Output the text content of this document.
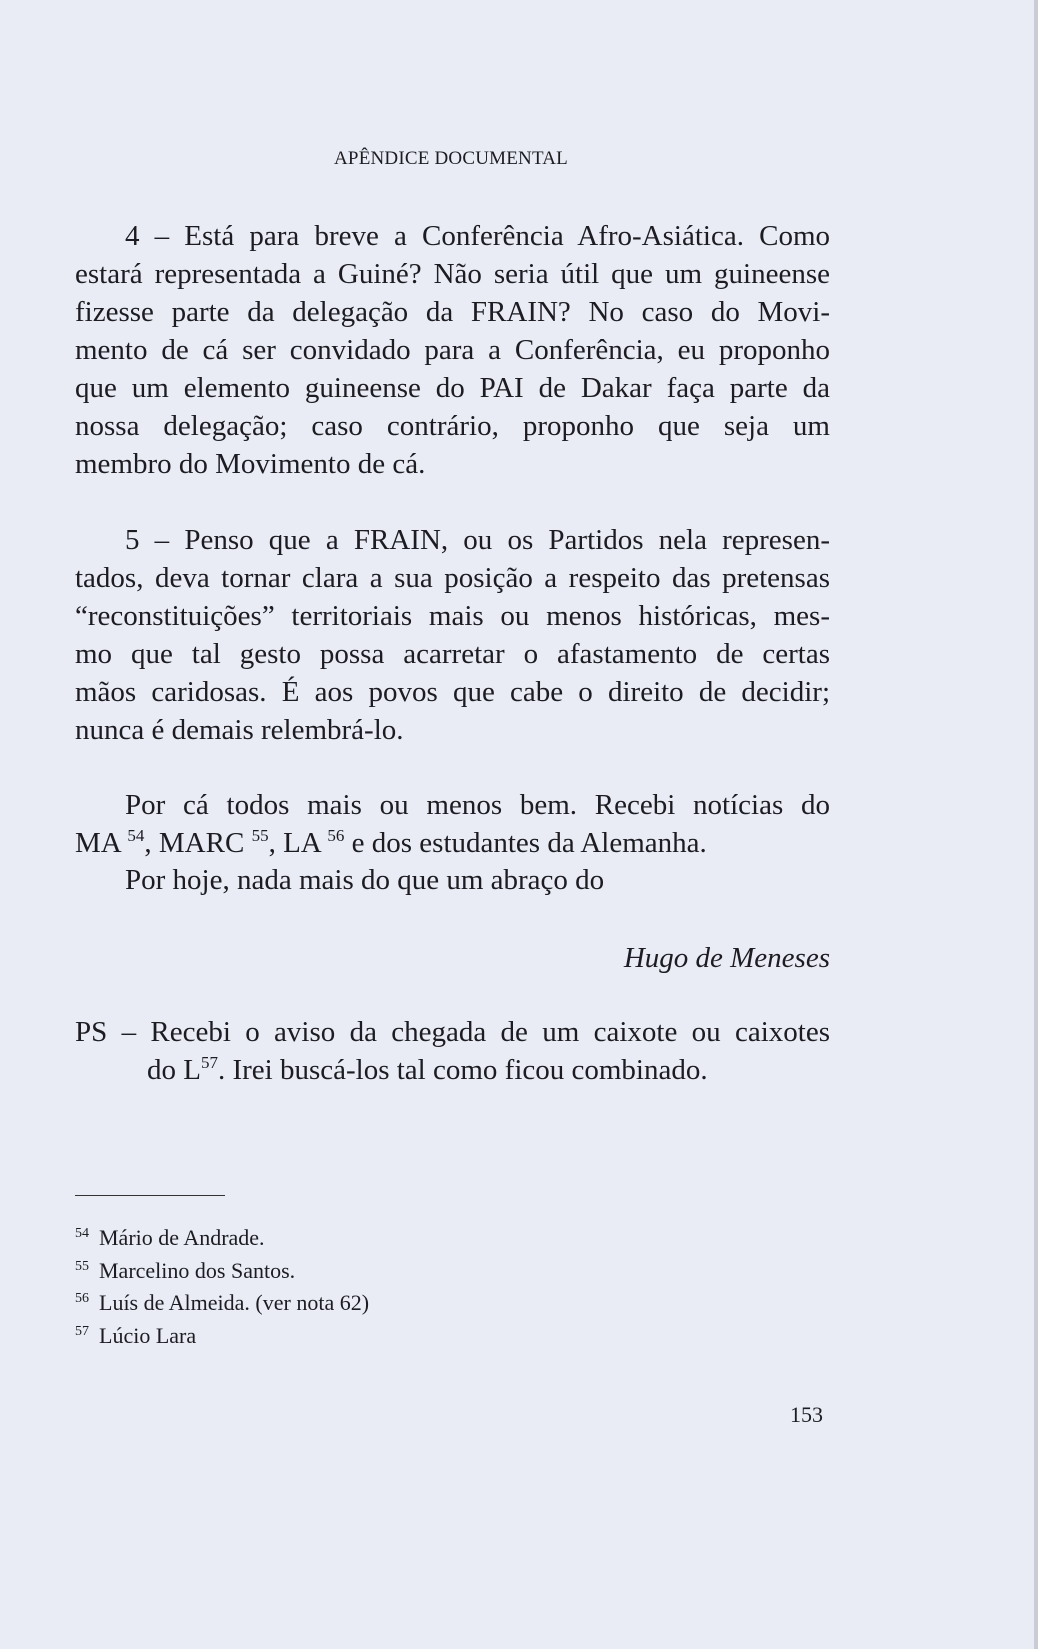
APÊNDICE DOCUMENTAL
4 – Está para breve a Conferência Afro-Asiática. Como
estará representada a Guiné? Não seria útil que um guineense
fizesse parte da delegação da FRAIN? No caso do Movi-
mento de cá ser convidado para a Conferência, eu proponho
que um elemento guineense do PAI de Dakar faça parte da
nossa delegação; caso contrário, proponho que seja um
membro do Movimento de cá.
5 – Penso que a FRAIN, ou os Partidos nela represen-
tados, deva tornar clara a sua posição a respeito das pretensas
“reconstituições” territoriais mais ou menos históricas, mes-
mo que tal gesto possa acarretar o afastamento de certas
mãos caridosas. É aos povos que cabe o direito de decidir;
nunca é demais relembrá-lo.
Por cá todos mais ou menos bem. Recebi notícias do
MA $^{54}$, MARC $^{55}$, LA $^{56}$ e dos estudantes da Alemanha.
Por hoje, nada mais do que um abraço do
Hugo de Meneses
PS – Recebi o aviso da chegada de um caixote ou caixotes
do $L^{57}$. Irei buscá-los tal como ficou combinado.
$^{54}$ Mário de Andrade.
$^{55}$ Marcelino dos Santos.
$^{56}$ Luís de Almeida. (ver nota 62)
$^{57}$ Lúcio Lara
153
